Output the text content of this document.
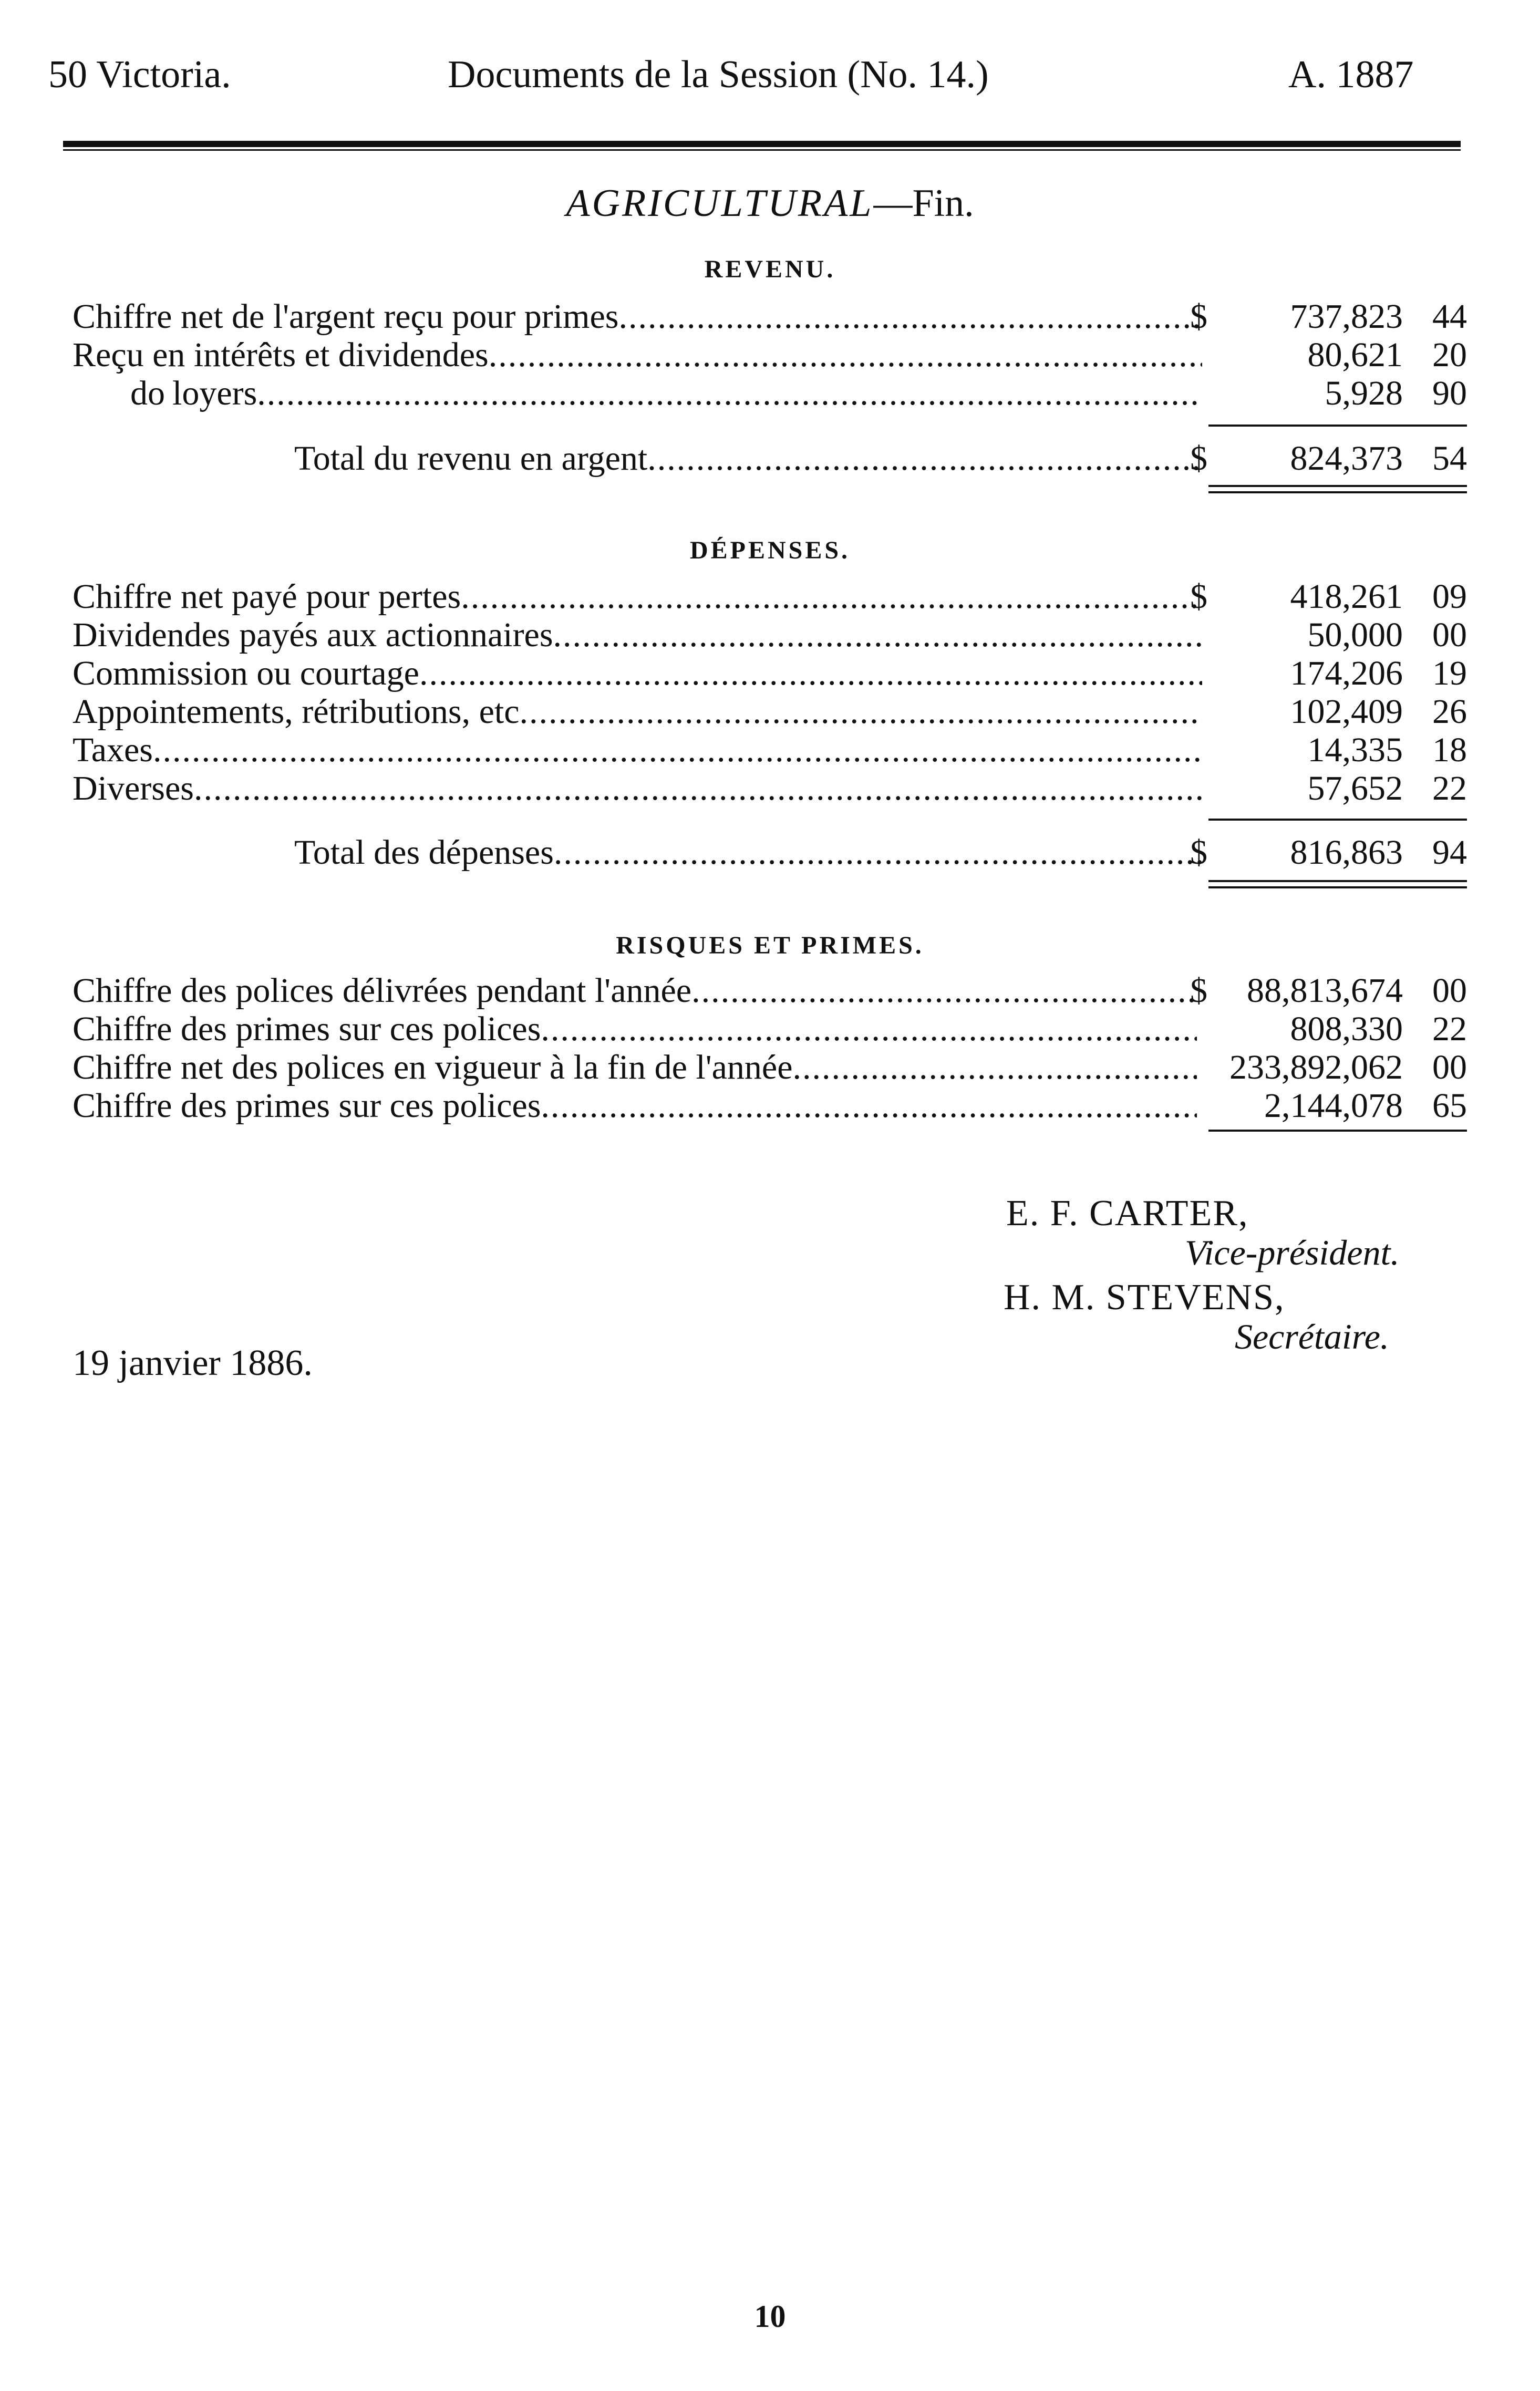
50 Victoria.	Documents de la Session (No. 14.)	A. 1887
AGRICULTURAL—Fin.
REVENU.
Chiffre net de l'argent reçu pour primes .....	$	737,823 44
Reçu en intérêts et dividendes .....	80,621 20
do loyers .....	5,928 90
Total du revenu en argent .....	$	824,373 54
DÉPENSES.
Chiffre net payé pour pertes .....	$	418,261 09
Dividendes payés aux actionnaires .....	50,000 00
Commission ou courtage .....	174,206 19
Appointements, rétributions, etc .....	102,409 26
Taxes .....	14,335 18
Diverses .....	57,652 22
Total des dépenses .....	$	816,863 94
RISQUES ET PRIMES.
Chiffre des polices délivrées pendant l'année .....	$	88,813,674 00
Chiffre des primes sur ces polices .....	808,330 22
Chiffre net des polices en vigueur à la fin de l'année .....	233,892,062 00
Chiffre des primes sur ces polices .....	2,144,078 65
E. F. CARTER,
Vice-président.
H. M. STEVENS,
Secrétaire.
19 janvier 1886.
10
